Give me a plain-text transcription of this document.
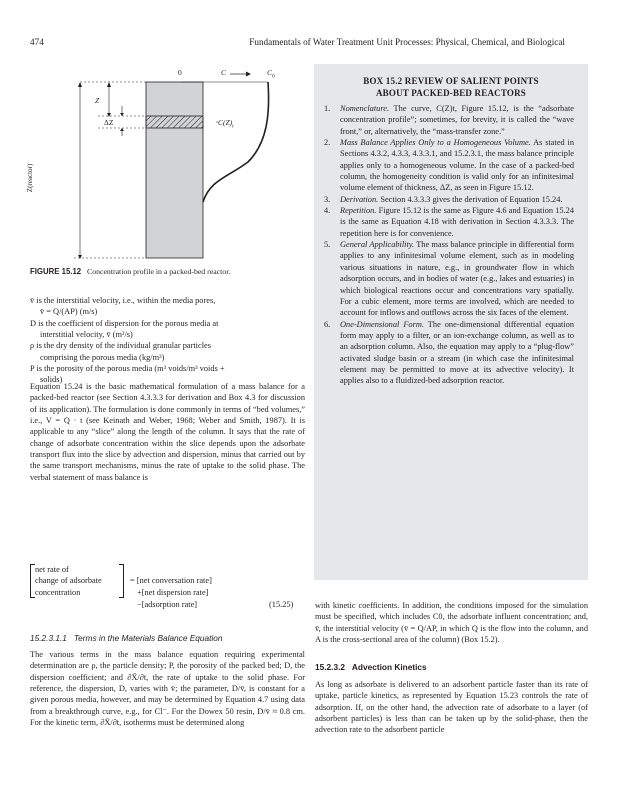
474	Fundamentals of Water Treatment Unit Processes: Physical, Chemical, and Biological
0	C	$C_0$
Z
ΔZ	$C(Z)_t$
Z(reactor)
FIGURE 15.12 Concentration profile in a packed-bed reactor.
v̄ is the interstitial velocity, i.e., within the media pores,
v̄ = Q/(AP) (m/s)
D is the coefficient of dispersion for the porous media at
interstitial velocity, v̄ (m²/s)
ρ is the dry density of the individual granular particles
comprising the porous media (kg/m³)
P is the porosity of the porous media (m³ voids/m³ voids +
solids)
Equation 15.24 is the basic mathematical formulation of a mass balance for a packed-bed reactor (see Section 4.3.3.3 for derivation and Box 4.3 for discussion of its application). The formulation is done commonly in terms of “bed volumes,” i.e., V = Q · t (see Keinath and Weber, 1968; Weber and Smith, 1987). It is applicable to any “slice” along the length of the column. It says that the rate of change of adsorbate concentration within the slice depends upon the adsorbate transport flux into the slice by advection and dispersion, minus that carried out by the same transport mechanisms, minus the rate of uptake to the solid phase. The verbal statement of mass balance is
net rate of
change of adsorbate
concentration
= [net conversation rate]
+[net dispersion rate]
−[adsorption rate]	(15.25)
15.2.3.1.1 Terms in the Materials Balance Equation
The various terms in the mass balance equation requiring experimental determination are ρ, the particle density; P, the porosity of the packed bed; D, the dispersion coefficient; and ∂X̄/∂t, the rate of uptake to the solid phase. For reference, the dispersion, D, varies with v̄; the parameter, D/v̄, is constant for a given porous media, however, and may be determined by Equation 4.7 using data from a breakthrough curve, e.g., for Cl⁻. For the Dowex 50 resin, D/v̄ ≈ 0.8 cm. For the kinetic term, ∂X̄/∂t, isotherms must be determined along
BOX 15.2 REVIEW OF SALIENT POINTS
ABOUT PACKED-BED REACTORS
1. Nomenclature. The curve, C(Z)t, Figure 15.12, is the “adsorbate concentration profile”; sometimes, for brevity, it is called the “wave front,” or, alternatively, the “mass-transfer zone.”
2. Mass Balance Applies Only to a Homogeneous Volume. As stated in Sections 4.3.2, 4.3.3, 4.3.3.1, and 15.2.3.1, the mass balance principle applies only to a homogeneous volume. In the case of a packed-bed column, the homogeneity condition is valid only for an infinitesimal volume element of thickness, ΔZ, as seen in Figure 15.12.
3. Derivation. Section 4.3.3.3 gives the derivation of Equation 15.24.
4. Repetition. Figure 15.12 is the same as Figure 4.6 and Equation 15.24 is the same as Equation 4.18 with derivation in Section 4.3.3.3. The repetition here is for convenience.
5. General Applicability. The mass balance principle in differential form applies to any infinitesimal volume element, such as in modeling various situations in nature, e.g., in groundwater flow in which adsorption occurs, and in bodies of water (e.g., lakes and estuaries) in which biological reactions occur and concentrations vary spatially. For a cubic element, more terms are involved, which are needed to account for inflows and outflows across the six faces of the element.
6. One-Dimensional Form. The one-dimensional differential equation form may apply to a filter, or an ion-exchange column, as well as to an adsorption column. Also, the equation may apply to a “plug-flow” activated sludge basin or a stream (in which case the infinitesimal element may be permitted to move at its advective velocity). It applies also to a fluidized-bed adsorption reactor.
with kinetic coefficients. In addition, the conditions imposed for the simulation must be specified, which includes C0, the adsorbate influent concentration; and, v̄, the interstitial velocity (v̄ = Q/AP, in which Q is the flow into the column, and A is the cross-sectional area of the column) (Box 15.2).
15.2.3.2 Advection Kinetics
As long as adsorbate is delivered to an adsorbent particle faster than its rate of uptake, particle kinetics, as represented by Equation 15.23 controls the rate of adsorption. If, on the other hand, the advection rate of adsorbate to a layer (of adsorbent particles) is less than can be taken up by the solid-phase, then the advection rate to the adsorbent particle
